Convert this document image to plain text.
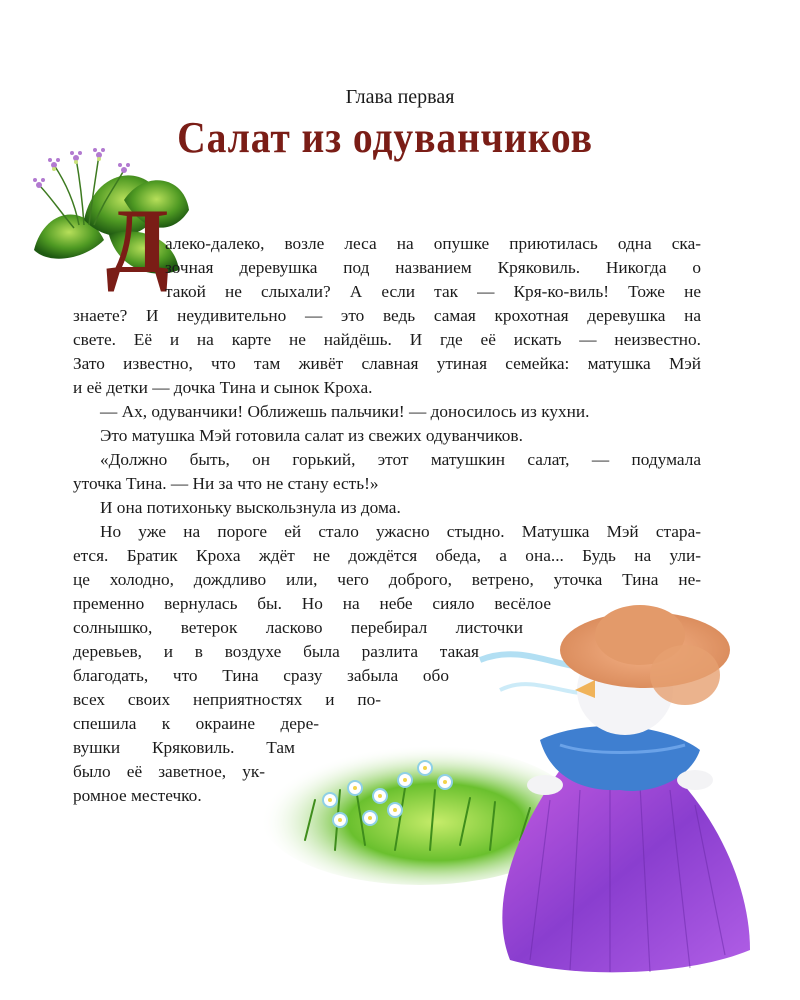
Глава первая
Салат из одуванчиков
Д
алеко-далеко, возле леса на опушке приютилась одна ска-
зочная деревушка под названием Кряковиль. Никогда о
такой не слыхали? А если так — Кря-ко-виль! Тоже не
знаете? И неудивительно — это ведь самая крохотная деревушка на
свете. Её и на карте не найдёшь. И где её искать — неизвестно.
Зато известно, что там живёт славная утиная семейка: матушка Мэй
и её детки — дочка Тина и сынок Кроха.
— Ах, одуванчики! Оближешь пальчики! — доносилось из кухни.
Это матушка Мэй готовила салат из свежих одуванчиков.
«Должно быть, он горький, этот матушкин салат, — подумала
уточка Тина. — Ни за что не стану есть!»
И она потихоньку выскользнула из дома.
Но уже на пороге ей стало ужасно стыдно. Матушка Мэй стара-
ется. Братик Кроха ждёт не дождётся обеда, а она... Будь на ули-
це холодно, дождливо или, чего доброго, ветрено, уточка Тина не-
пременно вернулась бы. Но на небе сияло весёлое
солнышко, ветерок ласково перебирал листочки
деревьев, и в воздухе была разлита такая
благодать, что Тина сразу забыла обо
всех своих неприятностях и по-
спешила к окраине дере-
вушки Кряковиль. Там
было её заветное, ук-
ромное местечко.
